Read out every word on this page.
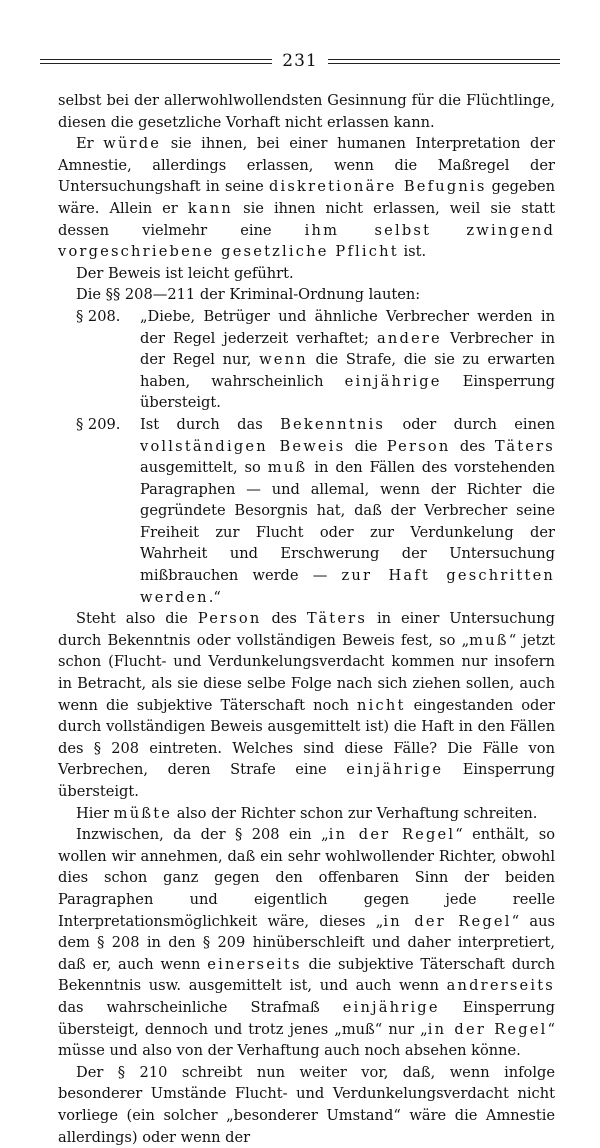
231

selbst bei der allerwohlwollendsten Gesinnung für die Flüchtlinge, diesen die gesetzliche Vorhaft nicht erlassen kann.

Er würde sie ihnen, bei einer humanen Interpretation der Amnestie, allerdings erlassen, wenn die Maßregel der Untersuchungshaft in seine diskretionäre Befugnis gegeben wäre. Allein er kann sie ihnen nicht erlassen, weil sie statt dessen vielmehr eine ihm selbst zwingend vorgeschriebene gesetzliche Pflicht ist.

Der Beweis ist leicht geführt.

Die §§ 208—211 der Kriminal-Ordnung lauten:

§ 208.	„Diebe, Betrüger und ähnliche Verbrecher werden in der Regel jederzeit verhaftet; andere Verbrecher in der Regel nur, wenn die Strafe, die sie zu erwarten haben, wahrscheinlich einjährige Einsperrung übersteigt.
§ 209.	Ist durch das Bekenntnis oder durch einen vollständigen Beweis die Person des Täters ausgemittelt, so muß in den Fällen des vorstehenden Paragraphen — und allemal, wenn der Richter die gegründete Besorgnis hat, daß der Verbrecher seine Freiheit zur Flucht oder zur Verdunkelung der Wahrheit und Erschwerung der Untersuchung mißbrauchen werde — zur Haft geschritten werden.“

Steht also die Person des Täters in einer Untersuchung durch Bekenntnis oder vollständigen Beweis fest, so „muß“ jetzt schon (Flucht- und Verdunkelungsverdacht kommen nur insofern in Betracht, als sie diese selbe Folge nach sich ziehen sollen, auch wenn die subjektive Täterschaft noch nicht eingestanden oder durch vollständigen Beweis ausgemittelt ist) die Haft in den Fällen des § 208 eintreten. Welches sind diese Fälle? Die Fälle von Verbrechen, deren Strafe eine einjährige Einsperrung übersteigt.

Hier müßte also der Richter schon zur Verhaftung schreiten.

Inzwischen, da der § 208 ein „in der Regel“ enthält, so wollen wir annehmen, daß ein sehr wohlwollender Richter, obwohl dies schon ganz gegen den offenbaren Sinn der beiden Paragraphen und eigentlich gegen jede reelle Interpretationsmöglichkeit wäre, dieses „in der Regel“ aus dem § 208 in den § 209 hinüberschleift und daher interpretiert, daß er, auch wenn einerseits die subjektive Täterschaft durch Bekenntnis usw. ausgemittelt ist, und auch wenn andrerseits das wahrscheinliche Strafmaß einjährige Einsperrung übersteigt, dennoch und trotz jenes „muß“ nur „in der Regel“ müsse und also von der Verhaftung auch noch absehen könne.

Der § 210 schreibt nun weiter vor, daß, wenn infolge besonderer Umstände Flucht- und Verdunkelungsverdacht nicht vorliege (ein solcher „besonderer Umstand“ wäre die Amnestie allerdings) oder wenn der
